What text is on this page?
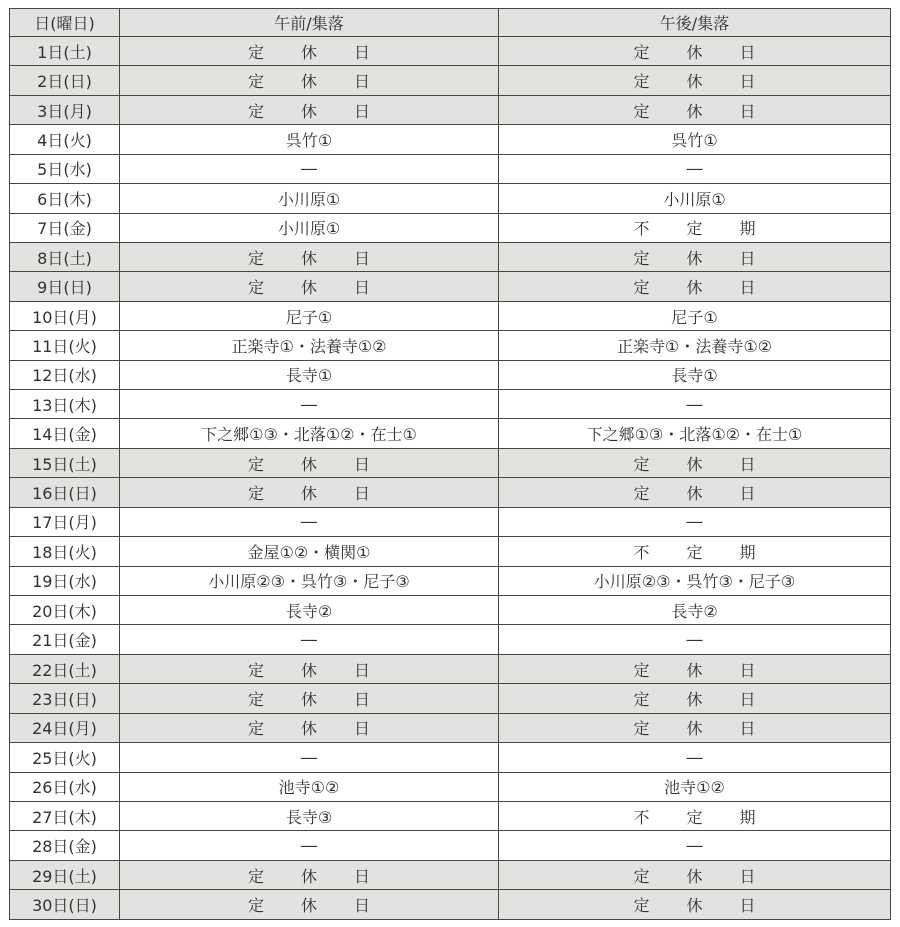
日(曜日)	午前/集落	午後/集落
1日(土)	定休日	定休日
2日(日)	定休日	定休日
3日(月)	定休日	定休日
4日(火)	呉竹①	呉竹①
5日(水)	―	―
6日(木)	小川原①	小川原①
7日(金)	小川原①	不定期
8日(土)	定休日	定休日
9日(日)	定休日	定休日
10日(月)	尼子①	尼子①
11日(火)	正楽寺①・法養寺①②	正楽寺①・法養寺①②
12日(水)	長寺①	長寺①
13日(木)	―	―
14日(金)	下之郷①③・北落①②・在士①	下之郷①③・北落①②・在士①
15日(土)	定休日	定休日
16日(日)	定休日	定休日
17日(月)	―	―
18日(火)	金屋①②・横関①	不定期
19日(水)	小川原②③・呉竹③・尼子③	小川原②③・呉竹③・尼子③
20日(木)	長寺②	長寺②
21日(金)	―	―
22日(土)	定休日	定休日
23日(日)	定休日	定休日
24日(月)	定休日	定休日
25日(火)	―	―
26日(水)	池寺①②	池寺①②
27日(木)	長寺③	不定期
28日(金)	―	―
29日(土)	定休日	定休日
30日(日)	定休日	定休日
